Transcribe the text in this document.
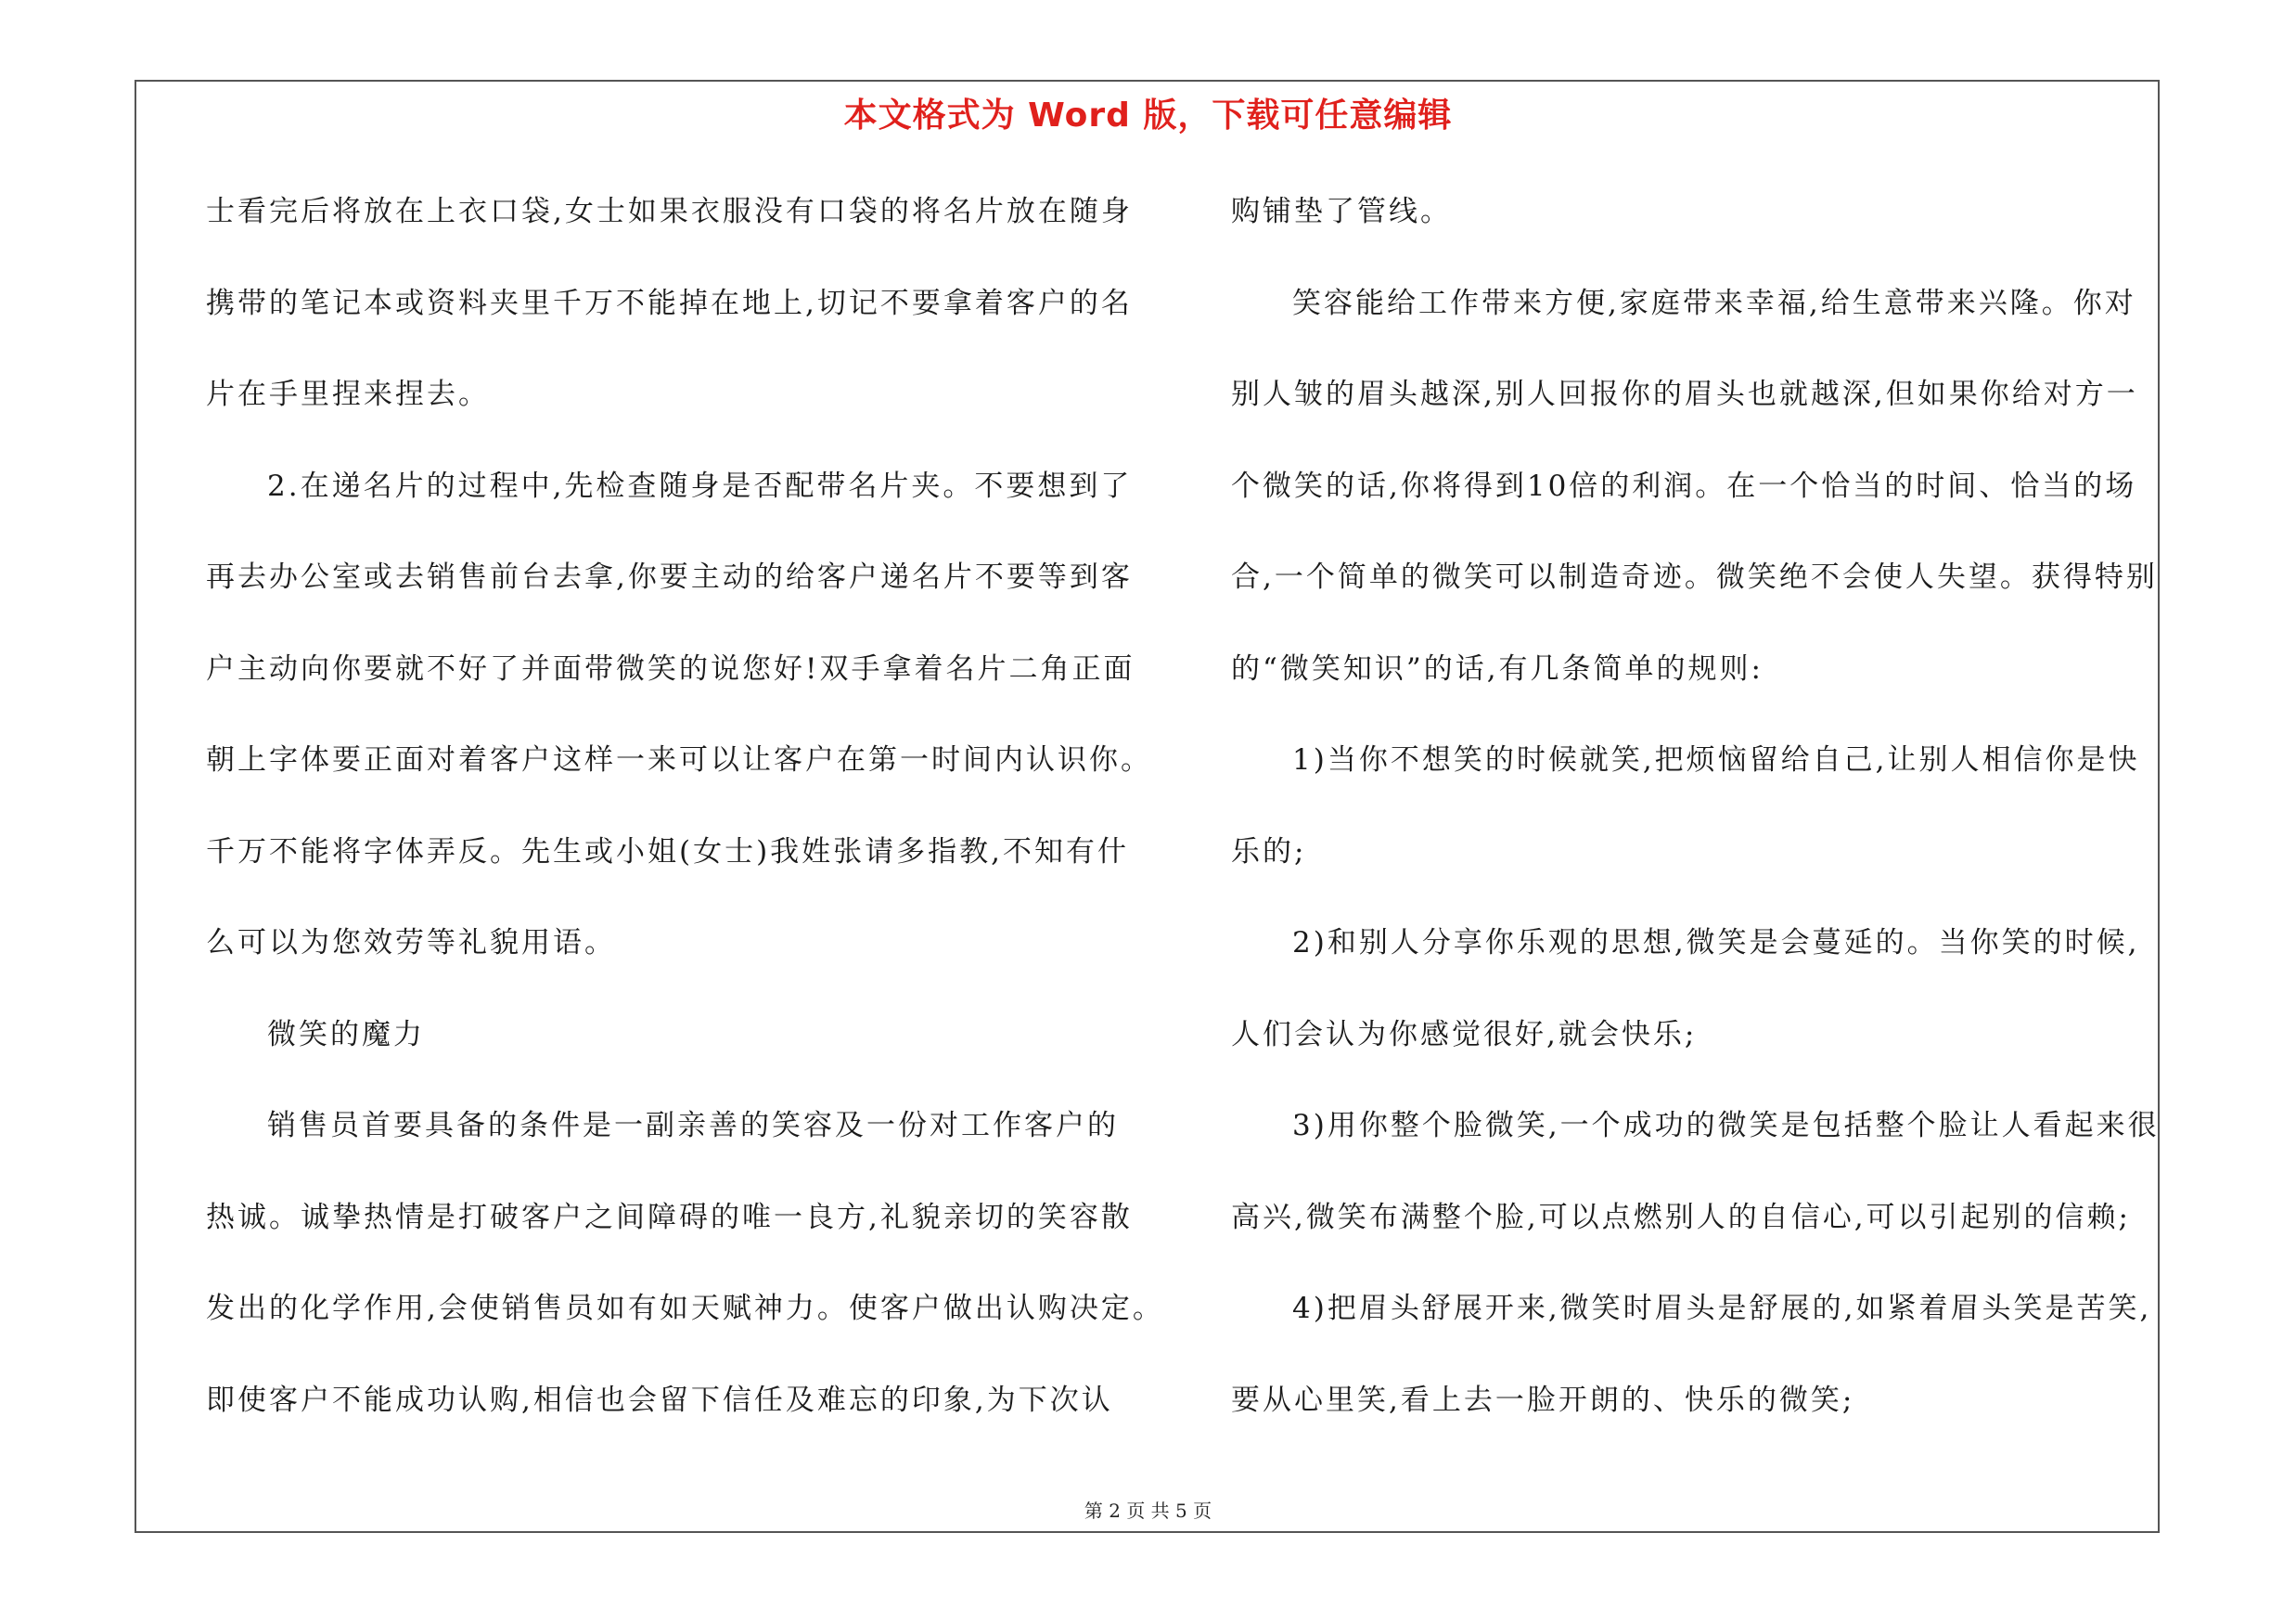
本文格式为 Word 版，下载可任意编辑
士看完后将放在上衣口袋,女士如果衣服没有口袋的将名片放在随身
携带的笔记本或资料夹里千万不能掉在地上,切记不要拿着客户的名
片在手里捏来捏去。
2.在递名片的过程中,先检查随身是否配带名片夹。不要想到了
再去办公室或去销售前台去拿,你要主动的给客户递名片不要等到客
户主动向你要就不好了并面带微笑的说您好!双手拿着名片二角正面
朝上字体要正面对着客户这样一来可以让客户在第一时间内认识你。
千万不能将字体弄反。先生或小姐(女士)我姓张请多指教,不知有什
么可以为您效劳等礼貌用语。
微笑的魔力
销售员首要具备的条件是一副亲善的笑容及一份对工作客户的
热诚。诚挚热情是打破客户之间障碍的唯一良方,礼貌亲切的笑容散
发出的化学作用,会使销售员如有如天赋神力。使客户做出认购决定。
即使客户不能成功认购,相信也会留下信任及难忘的印象,为下次认
购铺垫了管线。
笑容能给工作带来方便,家庭带来幸福,给生意带来兴隆。你对
别人皱的眉头越深,别人回报你的眉头也就越深,但如果你给对方一
个微笑的话,你将得到10倍的利润。在一个恰当的时间、恰当的场
合,一个简单的微笑可以制造奇迹。微笑绝不会使人失望。获得特别
的“微笑知识”的话,有几条简单的规则:
1)当你不想笑的时候就笑,把烦恼留给自己,让别人相信你是快
乐的;
2)和别人分享你乐观的思想,微笑是会蔓延的。当你笑的时候,
人们会认为你感觉很好,就会快乐;
3)用你整个脸微笑,一个成功的微笑是包括整个脸让人看起来很
高兴,微笑布满整个脸,可以点燃别人的自信心,可以引起别的信赖;
4)把眉头舒展开来,微笑时眉头是舒展的,如紧着眉头笑是苦笑,
要从心里笑,看上去一脸开朗的、快乐的微笑;
第 2 页 共 5 页
